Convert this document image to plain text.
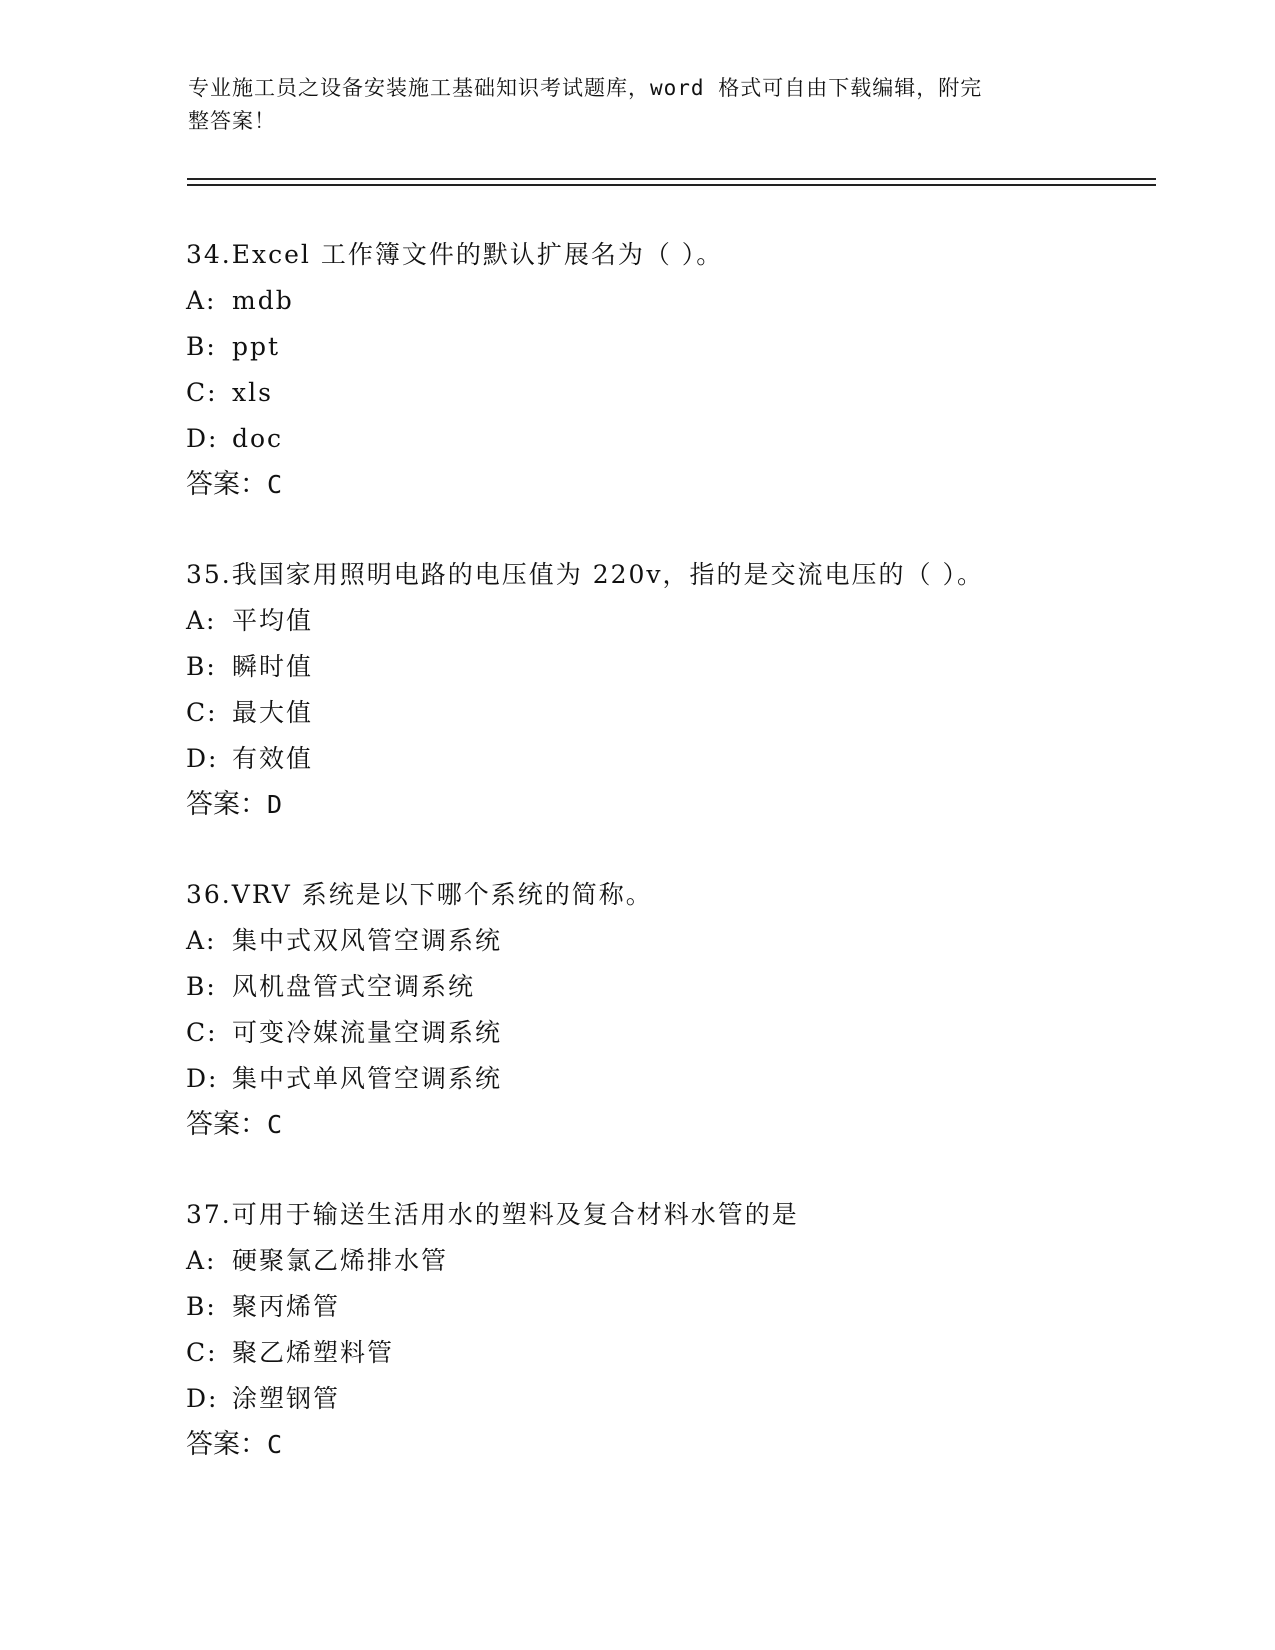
专业施工员之设备安装施工基础知识考试题库，word 格式可自由下载编辑，附完
整答案！
34.Excel 工作簿文件的默认扩展名为（ ）。
A: mdb
B: ppt
C: xls
D: doc
答案：C
35.我国家用照明电路的电压值为 220v，指的是交流电压的（ ）。
A: 平均值
B: 瞬时值
C: 最大值
D: 有效值
答案：D
36.VRV 系统是以下哪个系统的简称。
A: 集中式双风管空调系统
B: 风机盘管式空调系统
C: 可变冷媒流量空调系统
D: 集中式单风管空调系统
答案：C
37.可用于输送生活用水的塑料及复合材料水管的是
A: 硬聚氯乙烯排水管
B: 聚丙烯管
C: 聚乙烯塑料管
D: 涂塑钢管
答案：C
